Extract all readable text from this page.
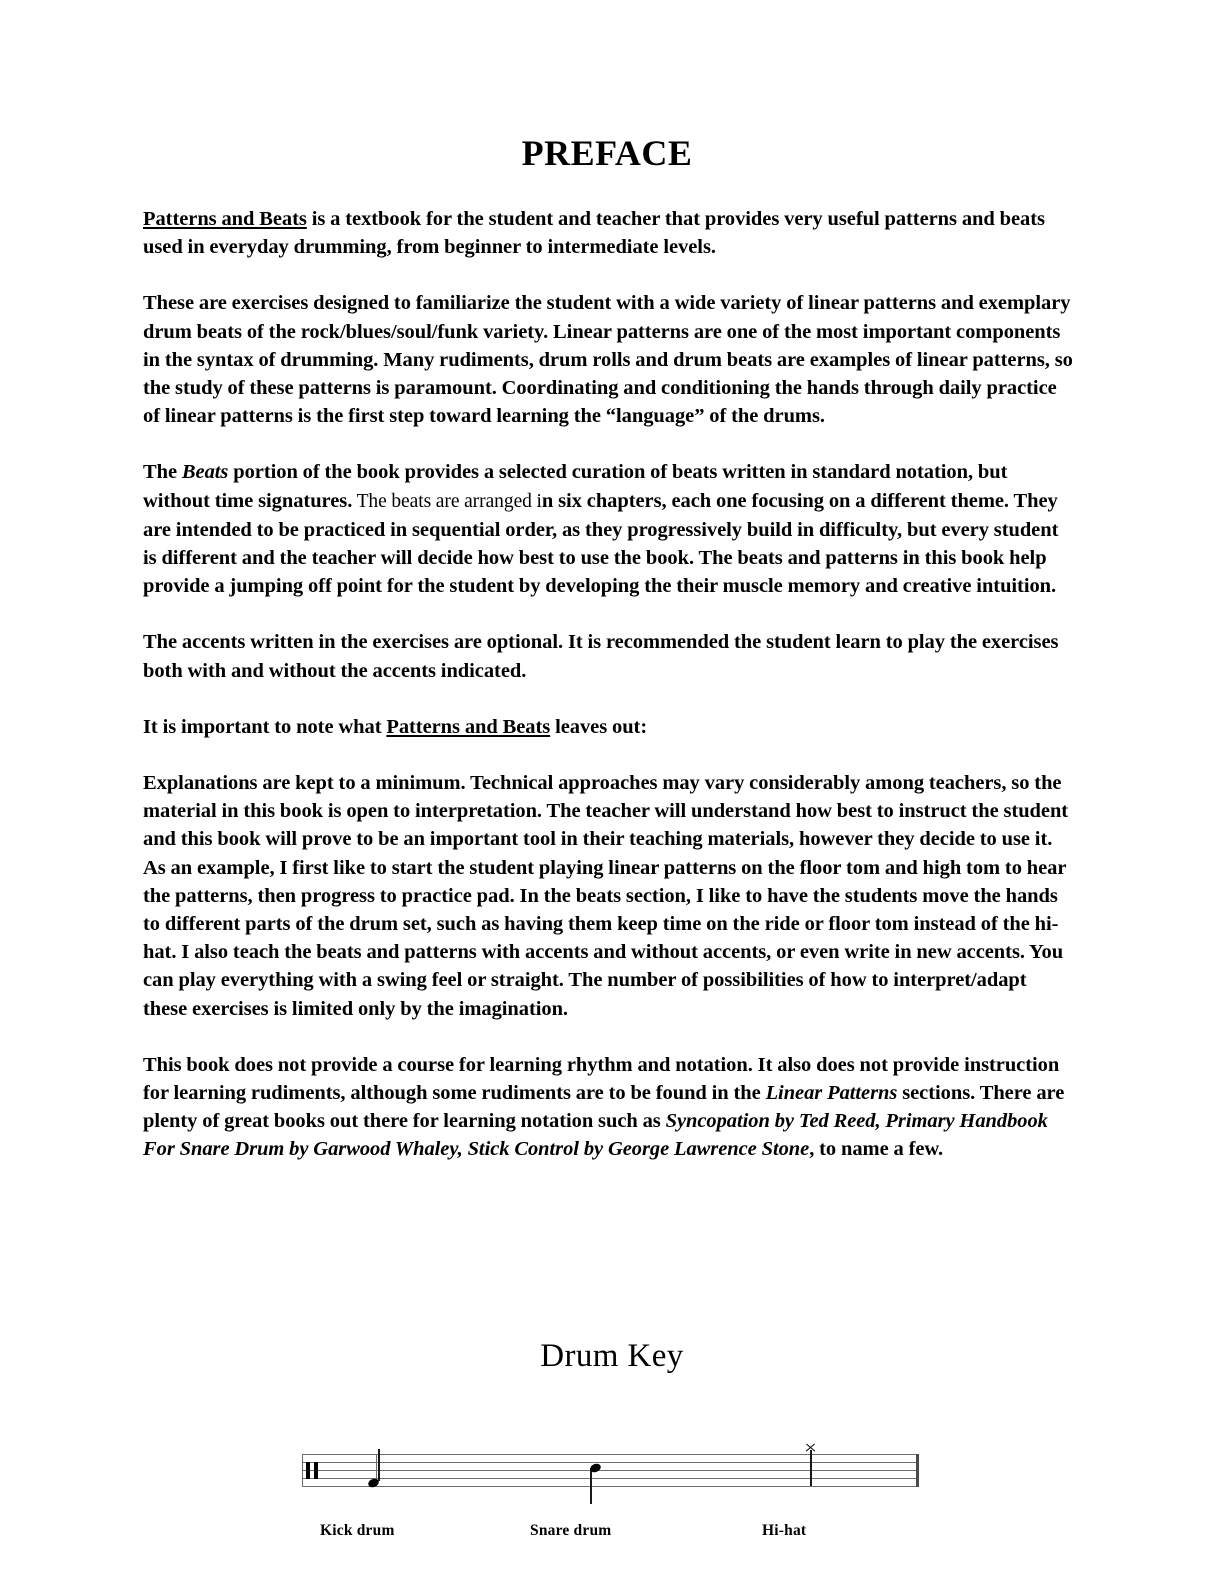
PREFACE

Patterns and Beats is a textbook for the student and teacher that provides very useful patterns and beats used in everyday drumming, from beginner to intermediate levels.

These are exercises designed to familiarize the student with a wide variety of linear patterns and exemplary drum beats of the rock/blues/soul/funk variety. Linear patterns are one of the most important components in the syntax of drumming. Many rudiments, drum rolls and drum beats are examples of linear patterns, so the study of these patterns is paramount. Coordinating and conditioning the hands through daily practice of linear patterns is the first step toward learning the “language” of the drums.

The Beats portion of the book provides a selected curation of beats written in standard notation, but without time signatures. The beats are arranged in six chapters, each one focusing on a different theme. They are intended to be practiced in sequential order, as they progressively build in difficulty, but every student is different and the teacher will decide how best to use the book. The beats and patterns in this book help provide a jumping off point for the student by developing the their muscle memory and creative intuition.

The accents written in the exercises are optional. It is recommended the student learn to play the exercises both with and without the accents indicated.

It is important to note what Patterns and Beats leaves out:

Explanations are kept to a minimum. Technical approaches may vary considerably among teachers, so the material in this book is open to interpretation. The teacher will understand how best to instruct the student and this book will prove to be an important tool in their teaching materials, however they decide to use it. As an example, I first like to start the student playing linear patterns on the floor tom and high tom to hear the patterns, then progress to practice pad. In the beats section, I like to have the students move the hands to different parts of the drum set, such as having them keep time on the ride or floor tom instead of the hi-hat. I also teach the beats and patterns with accents and without accents, or even write in new accents. You can play everything with a swing feel or straight. The number of possibilities of how to interpret/adapt these exercises is limited only by the imagination.

This book does not provide a course for learning rhythm and notation. It also does not provide instruction for learning rudiments, although some rudiments are to be found in the Linear Patterns sections. There are plenty of great books out there for learning notation such as Syncopation by Ted Reed, Primary Handbook For Snare Drum by Garwood Whaley, Stick Control by George Lawrence Stone, to name a few.

Drum Key
Kick drum	Snare drum	Hi-hat
